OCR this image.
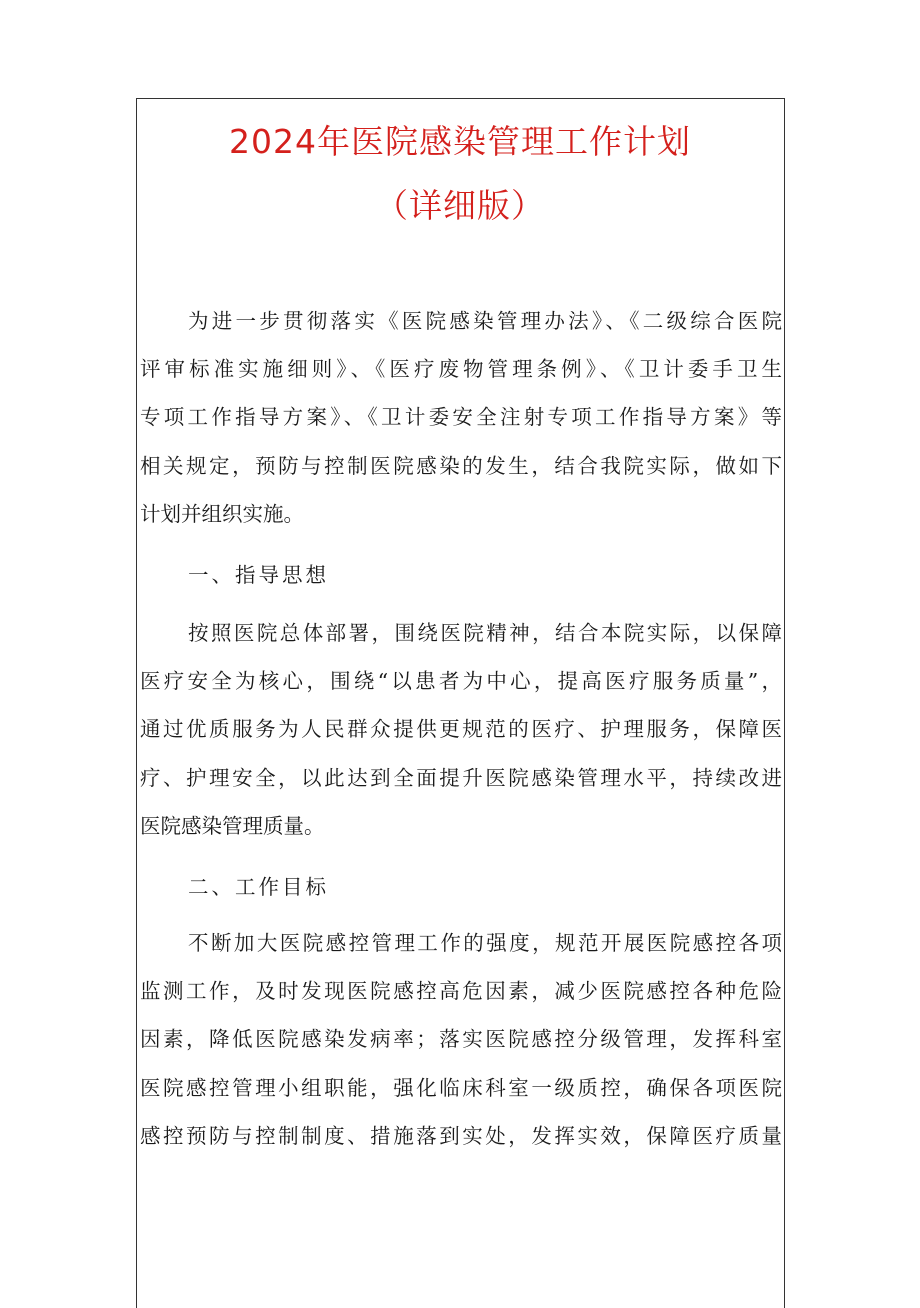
2024年医院感染管理工作计划
（详细版）
为进一步贯彻落实《医院感染管理办法》、《二级综合医院
评审标准实施细则》、《医疗废物管理条例》、《卫计委手卫生
专项工作指导方案》、《卫计委安全注射专项工作指导方案》等
相关规定，预防与控制医院感染的发生，结合我院实际，做如下
计划并组织实施。
一、指导思想
按照医院总体部署，围绕医院精神，结合本院实际，以保障
医疗安全为核心，围绕“以患者为中心，提高医疗服务质量”，
通过优质服务为人民群众提供更规范的医疗、护理服务，保障医
疗、护理安全，以此达到全面提升医院感染管理水平，持续改进
医院感染管理质量。
二、工作目标
不断加大医院感控管理工作的强度，规范开展医院感控各项
监测工作，及时发现医院感控高危因素，减少医院感控各种危险
因素，降低医院感染发病率；落实医院感控分级管理，发挥科室
医院感控管理小组职能，强化临床科室一级质控，确保各项医院
感控预防与控制制度、措施落到实处，发挥实效，保障医疗质量
